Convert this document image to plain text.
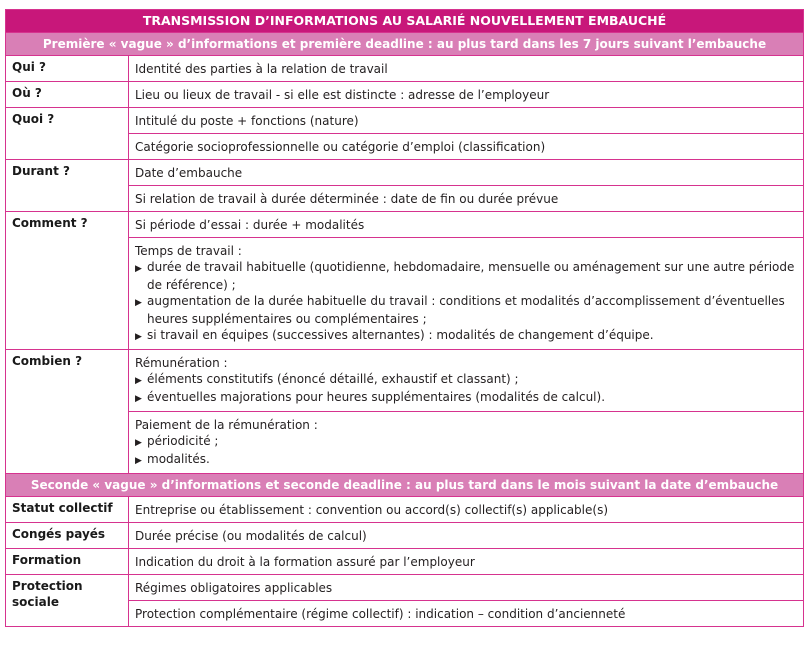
TRANSMISSION D’INFORMATIONS AU SALARIÉ NOUVELLEMENT EMBAUCHÉ	
Première « vague » d’informations et première deadline : au plus tard dans les 7 jours suivant l’embauche	
Qui ?	Identité des parties à la relation de travail

Où ?	Lieu ou lieux de travail - si elle est distincte : adresse de l’employeur

Quoi ?	Intitulé du poste + fonctions (nature)

	Catégorie socioprofessionnelle ou catégorie d’emploi (classification)

Durant ?	Date d’embauche

	Si relation de travail à durée déterminée : date de fin ou durée prévue

Comment ?	Si période d’essai : durée + modalités

	Temps de travail :
▶ durée de travail habituelle (quotidienne, hebdomadaire, mensuelle ou aménagement sur une autre période de référence) ;
▶ augmentation de la durée habituelle du travail : conditions et modalités d’accomplissement d’éventuelles heures supplémentaires ou complémentaires ;
▶ si travail en équipes (successives alternantes) : modalités de changement d’équipe.

Combien ?	Rémunération :
▶ éléments constitutifs (énoncé détaillé, exhaustif et classant) ;
▶ éventuelles majorations pour heures supplémentaires (modalités de calcul).

	Paiement de la rémunération :
▶ périodicité ;
▶ modalités.

Seconde « vague » d’informations et seconde deadline : au plus tard dans le mois suivant la date d’embauche	
Statut collectif	Entreprise ou établissement : convention ou accord(s) collectif(s) applicable(s)

Congés payés	Durée précise (ou modalités de calcul)

Formation	Indication du droit à la formation assuré par l’employeur

Protection sociale	Régimes obligatoires applicables

	Protection complémentaire (régime collectif) : indication – condition d’ancienneté
